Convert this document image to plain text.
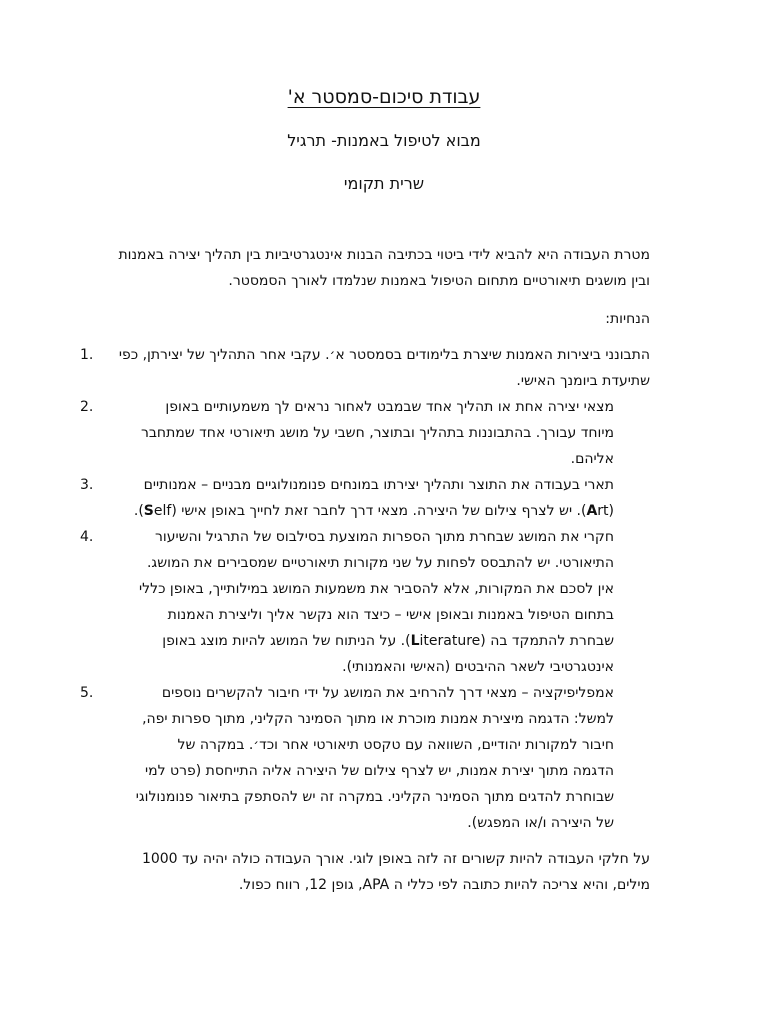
עבודת סיכום-סמסטר א'
מבוא לטיפול באמנות- תרגיל
שרית תקומי

מטרת העבודה היא להביא לידי ביטוי בכתיבה הבנות אינטגרטיביות בין תהליך יצירה באמנות ובין מושגים תיאורטיים מתחום הטיפול באמנות שנלמדו לאורך הסמסטר.

הנחיות:

1.	התבונני ביצירות האמנות שיצרת בלימודים בסמסטר א׳. עקבי אחר התהליך של יצירתן, כפי שתיעדת ביומנך האישי.
2.	מצאי יצירה אחת או תהליך אחד שבמבט לאחור נראים לך משמעותיים באופן מיוחד עבורך. בהתבוננות בתהליך ובתוצר, חשבי על מושג תיאורטי אחד שמתחבר אליהם.
3.	תארי בעבודה את התוצר ותהליך יצירתו במונחים פנומנולוגיים מבניים – אמנותיים (Art). יש לצרף צילום של היצירה. מצאי דרך לחבר זאת לחייך באופן אישי (Self).
4.	חקרי את המושג שבחרת מתוך הספרות המוצעת בסילבוס של התרגיל והשיעור התיאורטי. יש להתבסס לפחות על שני מקורות תיאורטיים שמסבירים את המושג. אין לסכם את המקורות, אלא להסביר את משמעות המושג במילותייך, באופן כללי בתחום הטיפול באמנות ובאופן אישי – כיצד הוא נקשר אליך וליצירת האמנות שבחרת להתמקד בה (Literature). על הניתוח של המושג להיות מוצג באופן אינטגרטיבי לשאר ההיבטים (האישי והאמנותי).
5.	אמפליפיקציה – מצאי דרך להרחיב את המושג על ידי חיבור להקשרים נוספים למשל: הדגמה מיצירת אמנות מוכרת או מתוך הסמינר הקליני, מתוך ספרות יפה, חיבור למקורות יהודיים, השוואה עם טקסט תיאורטי אחר וכד׳. במקרה של הדגמה מתוך יצירת אמנות, יש לצרף צילום של היצירה אליה התייחסת (פרט למי שבוחרת להדגים מתוך הסמינר הקליני. במקרה זה יש להסתפק בתיאור פנומנולוגי של היצירה ו/או המפגש).

על חלקי העבודה להיות קשורים זה לזה באופן לוגי. אורך העבודה כולה יהיה עד 1000 מילים, והיא צריכה להיות כתובה לפי כללי ה APA, גופן 12, רווח כפול.
